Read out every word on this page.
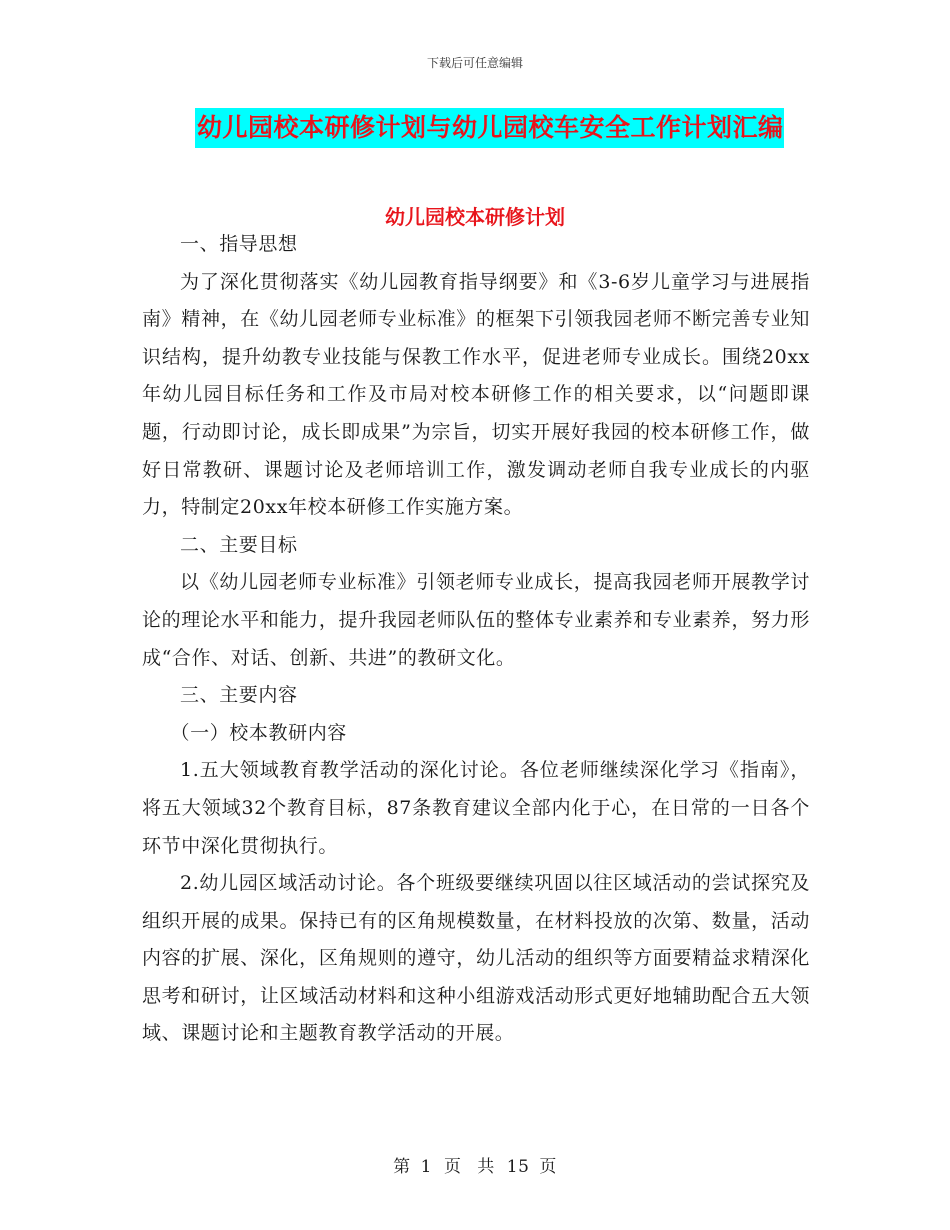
下载后可任意编辑
幼儿园校本研修计划与幼儿园校车安全工作计划汇编
幼儿园校本研修计划

一、指导思想

为了深化贯彻落实《幼儿园教育指导纲要》和《3-6岁儿童学习与进展指南》精神，在《幼儿园老师专业标准》的框架下引领我园老师不断完善专业知识结构，提升幼教专业技能与保教工作水平，促进老师专业成长。围绕20xx年幼儿园目标任务和工作及市局对校本研修工作的相关要求，以“问题即课题，行动即讨论，成长即成果”为宗旨，切实开展好我园的校本研修工作，做好日常教研、课题讨论及老师培训工作，激发调动老师自我专业成长的内驱力，特制定20xx年校本研修工作实施方案。

二、主要目标

以《幼儿园老师专业标准》引领老师专业成长，提高我园老师开展教学讨论的理论水平和能力，提升我园老师队伍的整体专业素养和专业素养，努力形成“合作、对话、创新、共进”的教研文化。

三、主要内容

（一）校本教研内容

1.五大领域教育教学活动的深化讨论。各位老师继续深化学习《指南》，将五大领域32个教育目标，87条教育建议全部内化于心，在日常的一日各个环节中深化贯彻执行。

2.幼儿园区域活动讨论。各个班级要继续巩固以往区域活动的尝试探究及组织开展的成果。保持已有的区角规模数量，在材料投放的次第、数量，活动内容的扩展、深化，区角规则的遵守，幼儿活动的组织等方面要精益求精深化思考和研讨，让区域活动材料和这种小组游戏活动形式更好地辅助配合五大领域、课题讨论和主题教育教学活动的开展。

第 1 页 共 15 页
